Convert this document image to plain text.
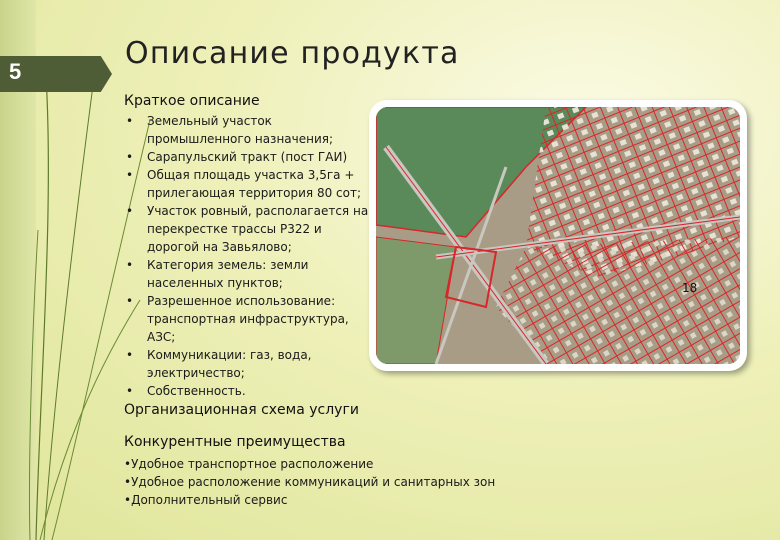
5
Описание продукта
Краткое описание
• Земельный участок промышленного назначения;
• Сарапульский тракт (пост ГАИ)
• Общая площадь участка 3,5га + прилегающая территория 80 сот;
• Участок ровный, располагается на перекрестке трассы Р322 и дорогой на Завьялово;
• Категория земель: земли населенных пунктов;
• Разрешенное использование: транспортная инфраструктура, АЗС;
• Коммуникации: газ, вода, электричество;
• Собственность.
Организационная схема услуги
Конкурентные преимущества
• Удобное транспортное расположение
• Удобное расположение коммуникаций и санитарных зон
• Дополнительный сервис
18
